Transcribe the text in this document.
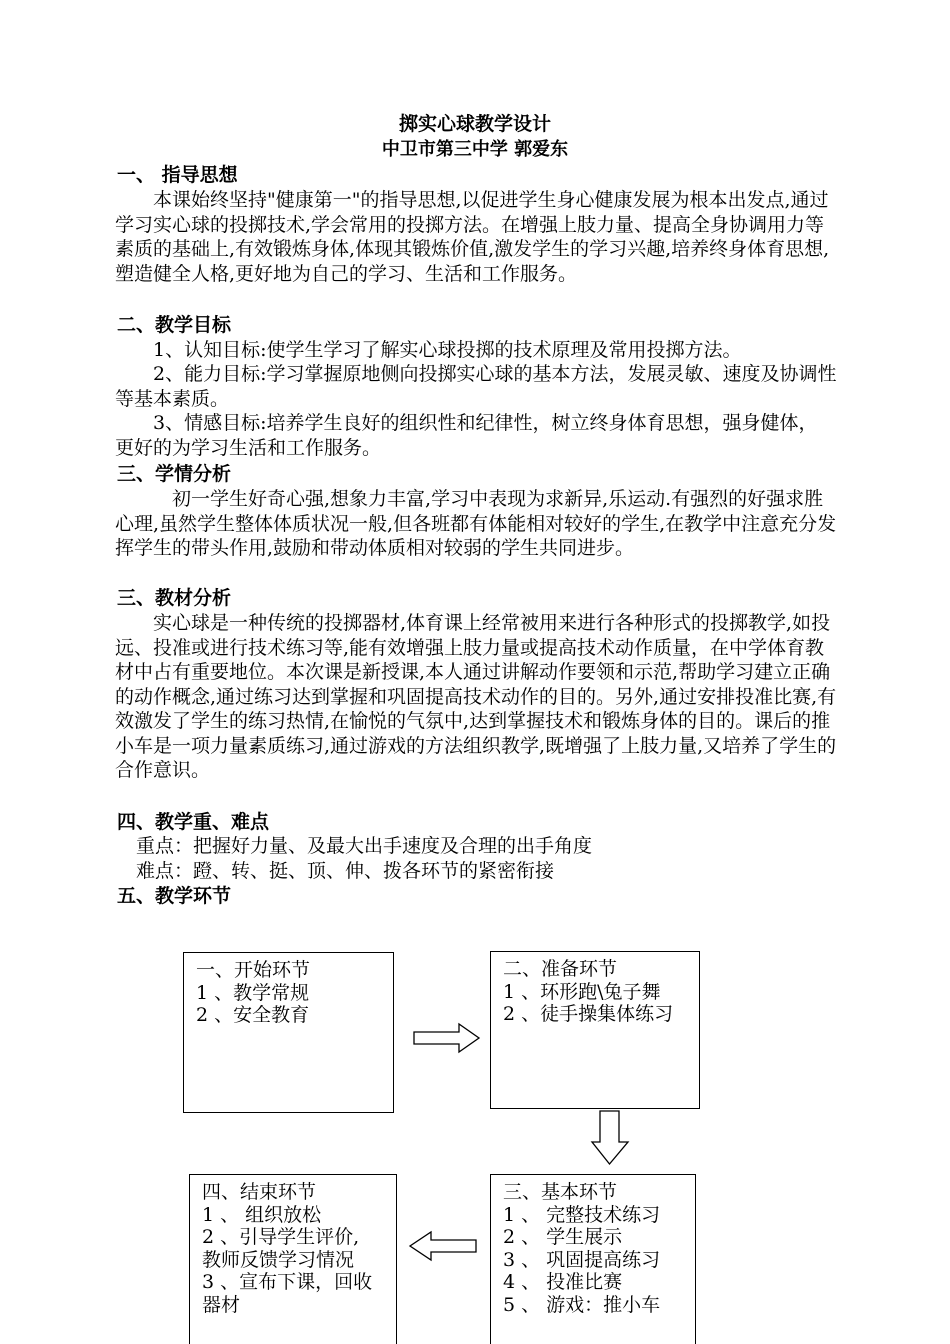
掷实心球教学设计
中卫市第三中学 郭爱东
一、 指导思想
本课始终坚持"健康第一"的指导思想,以促进学生身心健康发展为根本出发点,通过学习实心球的投掷技术,学会常用的投掷方法。在增强上肢力量、提高全身协调用力等素质的基础上,有效锻炼身体,体现其锻炼价值,激发学生的学习兴趣,培养终身体育思想,塑造健全人格,更好地为自己的学习、生活和工作服务。
二、教学目标
1、认知目标:使学生学习了解实心球投掷的技术原理及常用投掷方法。
2、能力目标:学习掌握原地侧向投掷实心球的基本方法，发展灵敏、速度及协调性等基本素质。
3、情感目标:培养学生良好的组织性和纪律性，树立终身体育思想，强身健体， 更好的为学习生活和工作服务。
三、学情分析
初一学生好奇心强,想象力丰富,学习中表现为求新异,乐运动.有强烈的好强求胜心理,虽然学生整体体质状况一般,但各班都有体能相对较好的学生,在教学中注意充分发挥学生的带头作用,鼓励和带动体质相对较弱的学生共同进步。
三、教材分析
实心球是一种传统的投掷器材,体育课上经常被用来进行各种形式的投掷教学,如投远、投准或进行技术练习等,能有效增强上肢力量或提高技术动作质量，在中学体育教材中占有重要地位。本次课是新授课,本人通过讲解动作要领和示范,帮助学习建立正确的动作概念,通过练习达到掌握和巩固提高技术动作的目的。另外,通过安排投准比赛,有效激发了学生的练习热情,在愉悦的气氛中,达到掌握技术和锻炼身体的目的。课后的推小车是一项力量素质练习,通过游戏的方法组织教学,既增强了上肢力量,又培养了学生的合作意识。
四、教学重、难点
重点：把握好力量、及最大出手速度及合理的出手角度
难点：蹬、转、挺、顶、伸、拨各环节的紧密衔接
五、教学环节
一、开始环节
1 、教学常规
2 、安全教育
二、准备环节
1 、环形跑\兔子舞
2 、徒手操集体练习
三、基本环节
1 、 完整技术练习
2 、 学生展示
3 、 巩固提高练习
4 、 投准比赛
5 、 游戏：推小车
四、结束环节
1 、 组织放松
2 、引导学生评价,
教师反馈学习情况
3 、宣布下课，回收
器材
